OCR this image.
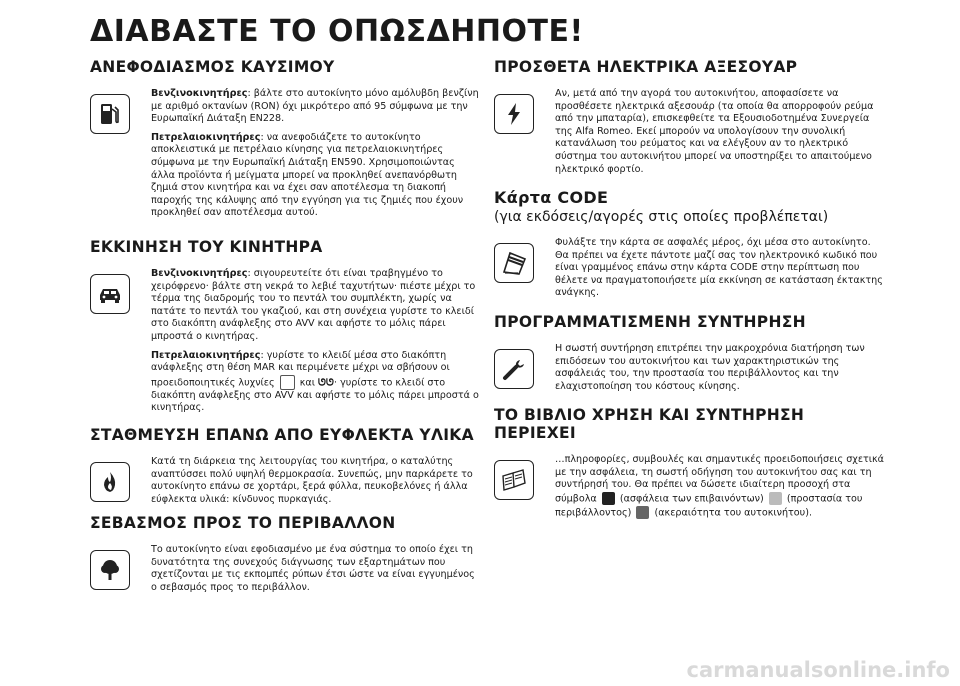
ΔΙΑΒΑΣΤΕ ΤΟ ΟΠΩΣΔΗΠΟΤΕ!
ΑΝΕΦΟΔΙΑΣΜΟΣ ΚΑΥΣΙΜΟΥ

Βενζινοκινητήρες: βάλτε στο αυτοκίνητο μόνο αμόλυβδη βενζίνη με αριθμό οκτανίων (RON) όχι μικρότερο από 95 σύμφωνα με την Ευρωπαϊκή Διάταξη EN228.

Πετρελαιοκινητήρες: να ανεφοδιάζετε το αυτοκίνητο αποκλειστικά με πετρέλαιο κίνησης για πετρελαιοκινητήρες σύμφωνα με την Ευρωπαϊκή Διάταξη EN590. Χρησιμοποιώντας άλλα προϊόντα ή μείγματα μπορεί να προκληθεί ανεπανόρθωτη ζημιά στον κινητήρα και να έχει σαν αποτέλεσμα τη διακοπή παροχής της κάλυψης από την εγγύηση για τις ζημιές που έχουν προκληθεί σαν αποτέλεσμα αυτού.

ΕΚΚΙΝΗΣΗ ΤΟΥ ΚΙΝΗΤΗΡΑ

Βενζινοκινητήρες: σιγουρευτείτε ότι είναι τραβηγμένο το χειρόφρενο· βάλτε στη νεκρά το λεβιέ ταχυτήτων· πιέστε μέχρι το τέρμα της διαδρομής του το πεντάλ του συμπλέκτη, χωρίς να πατάτε το πεντάλ του γκαζιού, και στη συνέχεια γυρίστε το κλειδί στο διακόπτη ανάφλεξης στο AVV και αφήστε το μόλις πάρει μπροστά ο κινητήρας.

Πετρελαιοκινητήρες: γυρίστε το κλειδί μέσα στο διακόπτη ανάφλεξης στη θέση MAR και περιμένετε μέχρι να σβήσουν οι προειδοποιητικές λυχνίες	και ᘎᘎ· γυρίστε το κλειδί στο διακόπτη ανάφλεξης στο AVV και αφήστε το μόλις πάρει μπροστά ο κινητήρας.

ΣΤΑΘΜΕΥΣΗ ΕΠΑΝΩ ΑΠΟ ΕΥΦΛΕΚΤΑ ΥΛΙΚΑ

Κατά τη διάρκεια της λειτουργίας του κινητήρα, ο καταλύτης αναπτύσσει πολύ υψηλή θερμοκρασία. Συνεπώς, μην παρκάρετε το αυτοκίνητο επάνω σε χορτάρι, ξερά φύλλα, πευκοβελόνες ή άλλα εύφλεκτα υλικά: κίνδυνος πυρκαγιάς.

ΣΕΒΑΣΜΟΣ ΠΡΟΣ ΤΟ ΠΕΡΙΒΑΛΛΟΝ

Το αυτοκίνητο είναι εφοδιασμένο με ένα σύστημα το οποίο έχει τη δυνατότητα της συνεχούς διάγνωσης των εξαρτημάτων που σχετίζονται με τις εκπομπές ρύπων έτσι ώστε να είναι εγγυημένος ο σεβασμός προς το περιβάλλον.

ΠΡΟΣΘΕΤΑ ΗΛΕΚΤΡΙΚΑ ΑΞΕΣΟΥΑΡ

Αν, μετά από την αγορά του αυτοκινήτου, αποφασίσετε να προσθέσετε ηλεκτρικά αξεσουάρ (τα οποία θα απορροφούν ρεύμα από την μπαταρία), επισκεφθείτε τα Εξουσιοδοτημένα Συνεργεία της Alfa Romeo. Εκεί μπορούν να υπολογίσουν την συνολική κατανάλωση του ρεύματος και να ελέγξουν αν το ηλεκτρικό σύστημα του αυτοκινήτου μπορεί να υποστηρίξει το απαιτούμενο ηλεκτρικό φορτίο.

Κάρτα CODE
(για εκδόσεις/αγορές στις οποίες προβλέπεται)

Φυλάξτε την κάρτα σε ασφαλές μέρος, όχι μέσα στο αυτοκίνητο. Θα πρέπει να έχετε πάντοτε μαζί σας τον ηλεκτρονικό κωδικό που είναι γραμμένος επάνω στην κάρτα CODE στην περίπτωση που θέλετε να πραγματοποιήσετε μία εκκίνηση σε κατάσταση έκτακτης ανάγκης.

ΠΡΟΓΡΑΜΜΑΤΙΣΜΕΝΗ ΣΥΝΤΗΡΗΣΗ

Η σωστή συντήρηση επιτρέπει την μακροχρόνια διατήρηση των επιδόσεων του αυτοκινήτου και των χαρακτηριστικών της ασφάλειάς του, την προστασία του περιβάλλοντος και την ελαχιστοποίηση του κόστους κίνησης.

ΤΟ ΒΙΒΛΙΟ ΧΡΗΣΗ ΚΑΙ ΣΥΝΤΗΡΗΣΗ ΠΕΡΙΕΧΕΙ

…πληροφορίες, συμβουλές και σημαντικές προειδοποιήσεις σχετικά με την ασφάλεια, τη σωστή οδήγηση του αυτοκινήτου σας και τη συντήρησή του. Θα πρέπει να δώσετε ιδιαίτερη προσοχή στα σύμβολα (ασφάλεια των επιβαινόντων) (προστασία του περιβάλλοντος) (ακεραιότητα του αυτοκινήτου).

carmanualsonline.info
